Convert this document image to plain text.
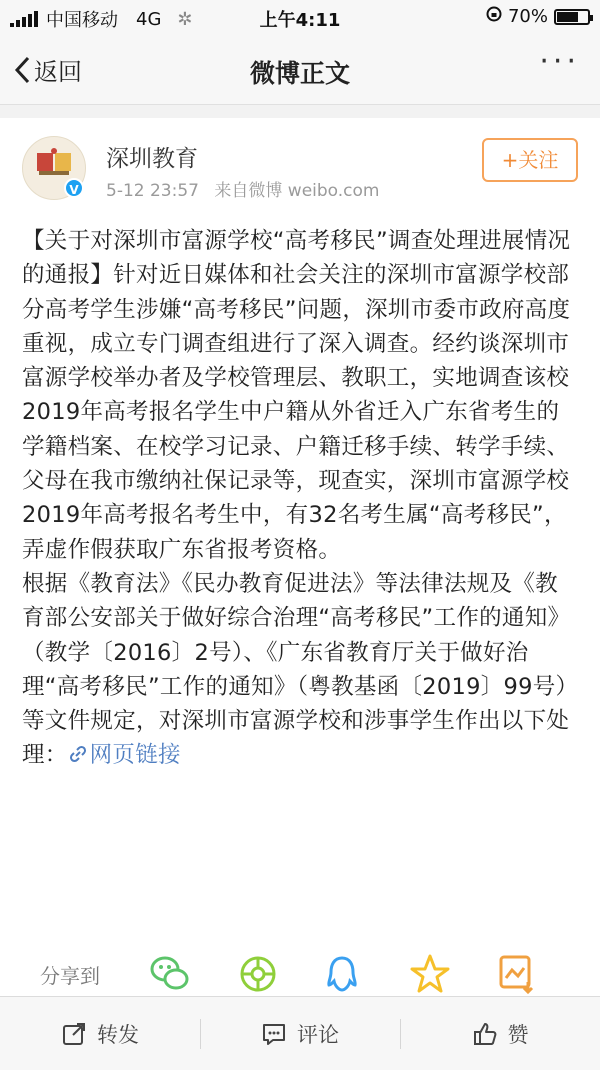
中国移动 4G ✲	上午4:11	70%
返回	微博正文	···
V
深圳教育
5-12 23:57 来自微博 weibo.com
+关注

【关于对深圳市富源学校“高考移民”调查处理进展情况的通报】针对近日媒体和社会关注的深圳市富源学校部分高考学生涉嫌“高考移民”问题，深圳市委市政府高度重视，成立专门调查组进行了深入调查。经约谈深圳市富源学校举办者及学校管理层、教职工，实地调查该校2019年高考报名学生中户籍从外省迁入广东省考生的学籍档案、在校学习记录、户籍迁移手续、转学手续、父母在我市缴纳社保记录等，现查实，深圳市富源学校2019年高考报名考生中，有32名考生属“高考移民”，弄虚作假获取广东省报考资格。

根据《教育法》《民办教育促进法》等法律法规及《教育部公安部关于做好综合治理“高考移民”工作的通知》（教学〔2016〕2号）、《广东省教育厅关于做好治理“高考移民”工作的通知》（粤教基函〔2019〕99号）等文件规定，对深圳市富源学校和涉事学生作出以下处理： 网页链接

分享到
转发	评论	赞
